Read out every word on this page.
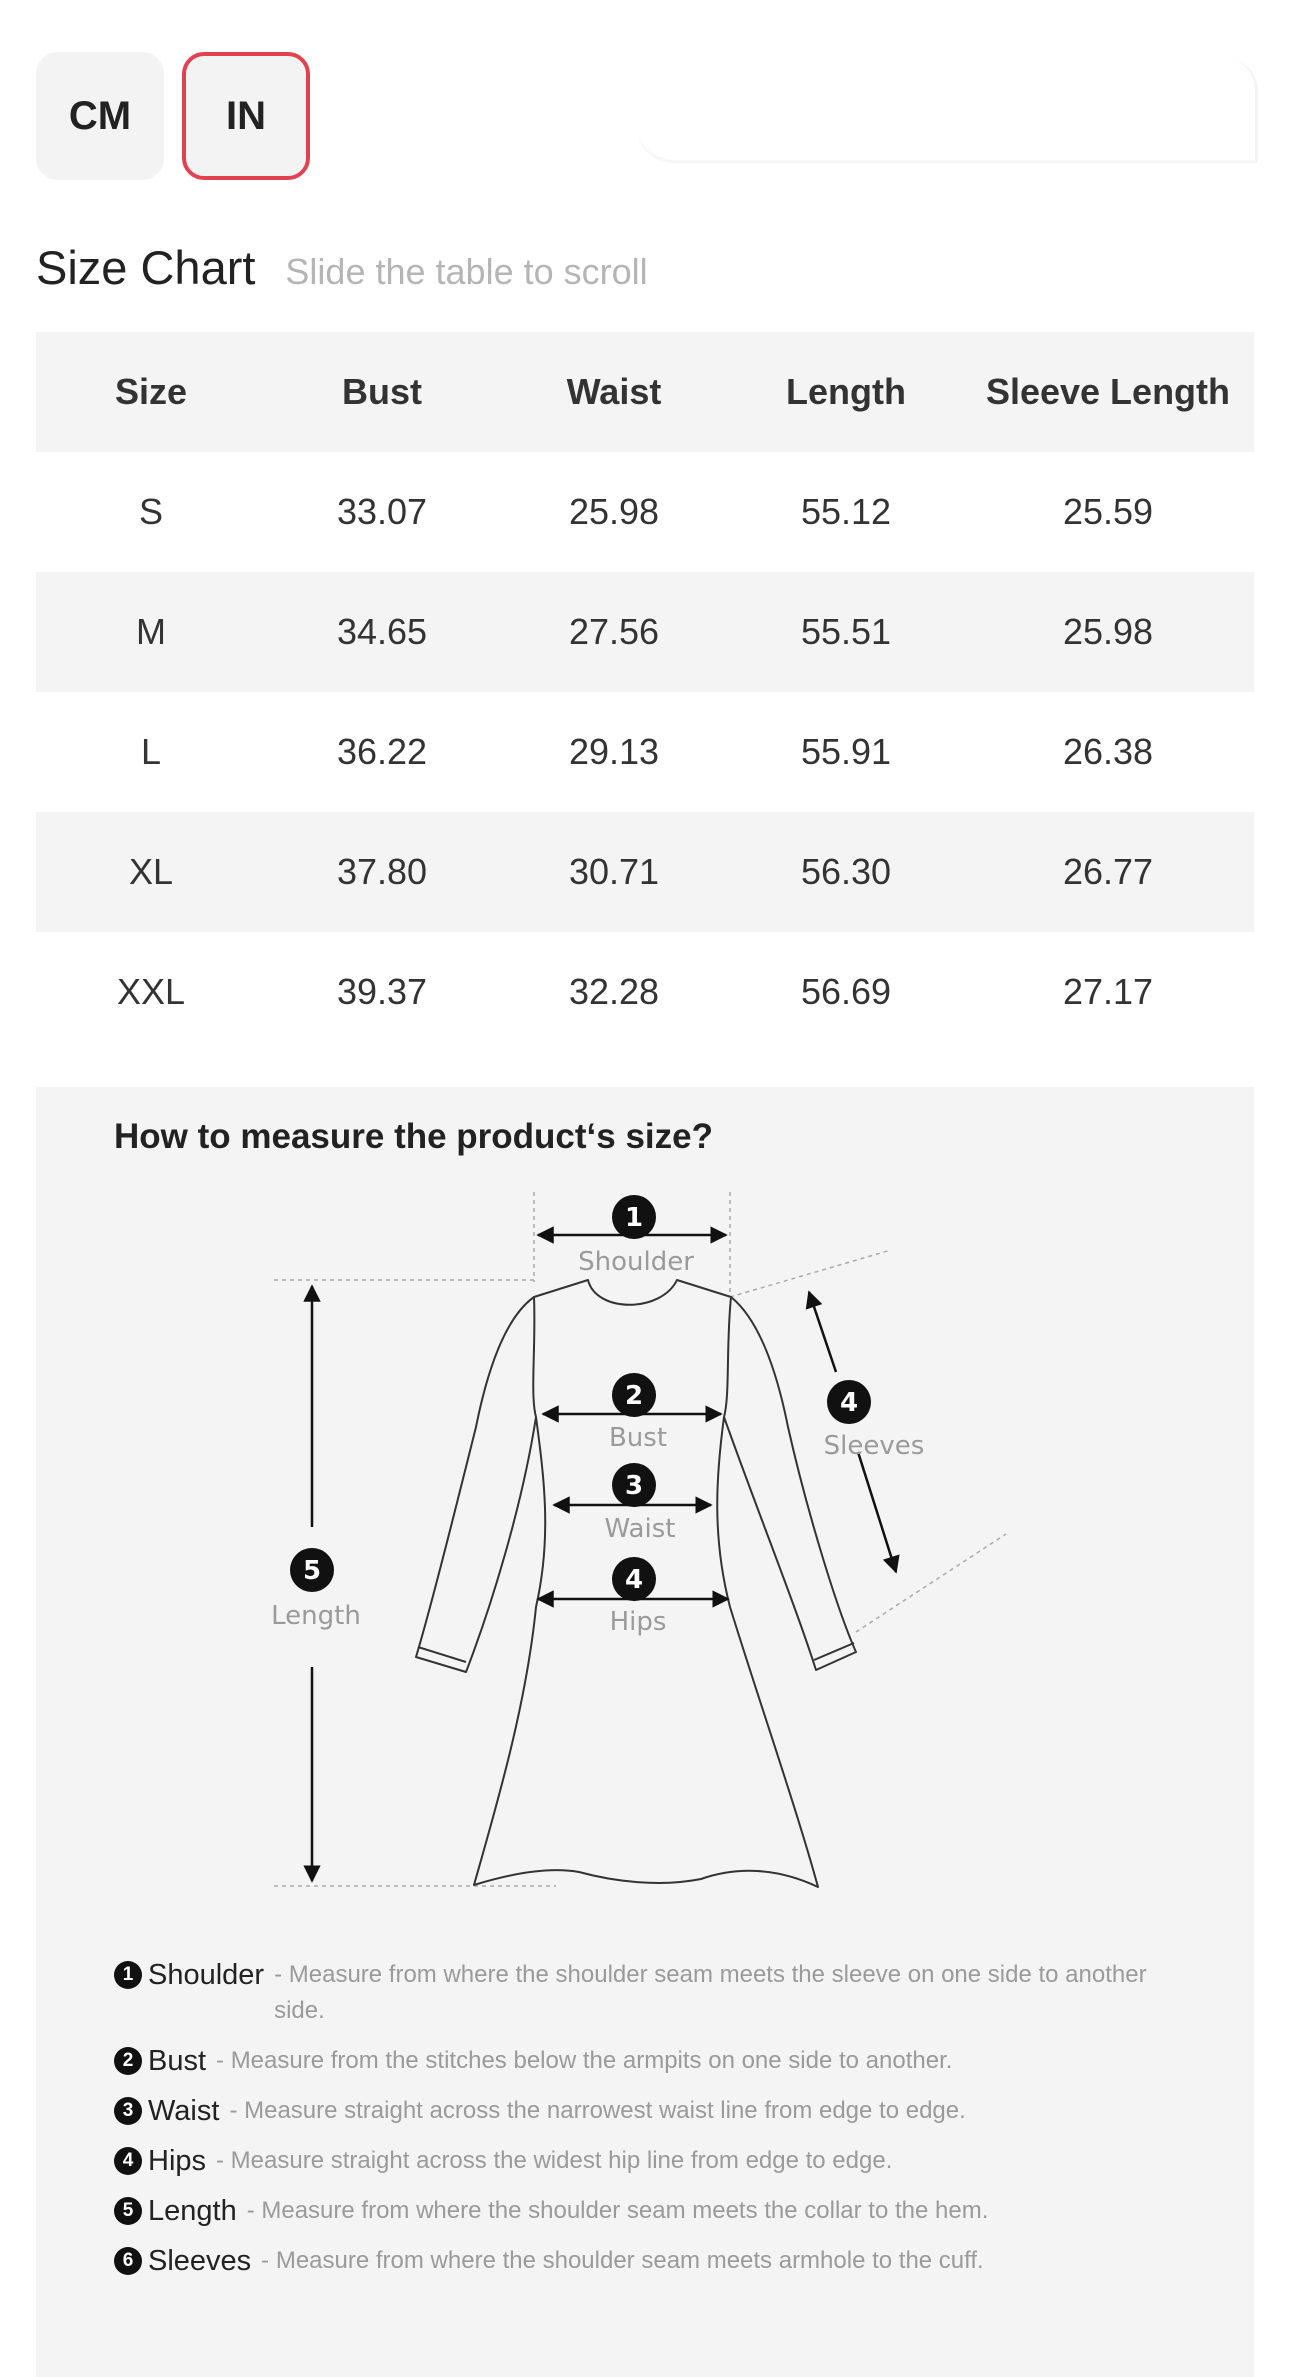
CM	IN
Size Chart Slide the table to scroll
Size	Bust	Waist	Length	Sleeve Length
S	33.07	25.98	55.12	25.59
M	34.65	27.56	55.51	25.98
L	36.22	29.13	55.91	26.38
XL	37.80	30.71	56.30	26.77
XXL	39.37	32.28	56.69	27.17
How to measure the product‘s size?
1
2
3
4
4
5
Shoulder
Bust
Waist
Hips
Sleeves
Length
1 Shoulder - Measure from where the shoulder seam meets the sleeve on one side to another side.
2 Bust - Measure from the stitches below the armpits on one side to another.
3 Waist - Measure straight across the narrowest waist line from edge to edge.
4 Hips - Measure straight across the widest hip line from edge to edge.
5 Length - Measure from where the shoulder seam meets the collar to the hem.
6 Sleeves - Measure from where the shoulder seam meets armhole to the cuff.
